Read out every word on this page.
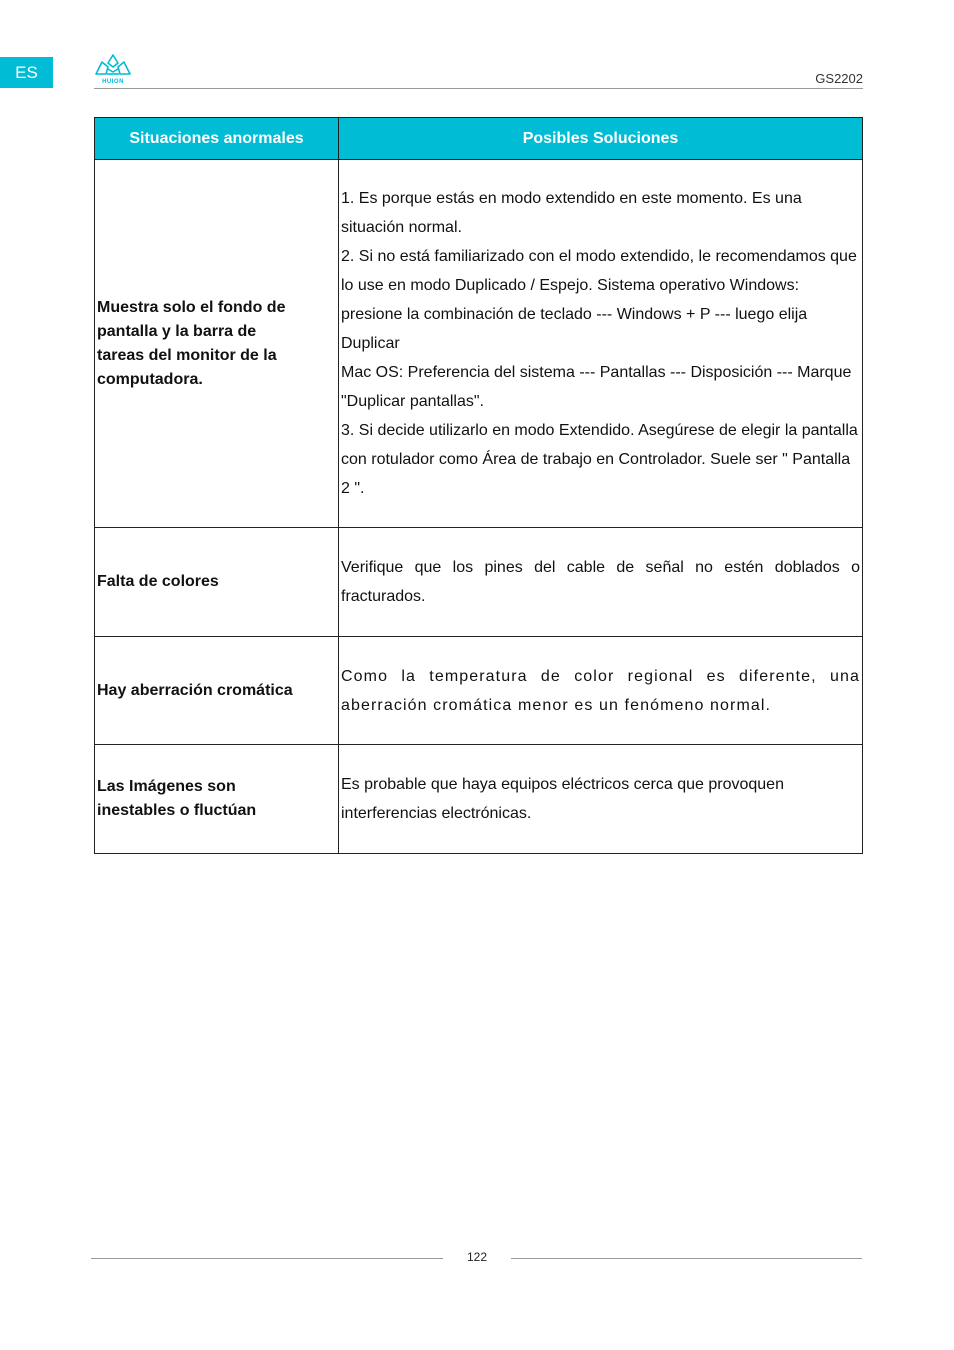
ES
HUION	GS2202
Situaciones anormales	Posibles Soluciones

Muestra solo el fondo de pantalla y la barra de tareas del monitor de la computadora.	1. Es porque estás en modo extendido en este momento. Es una situación normal.
2. Si no está familiarizado con el modo extendido, le recomendamos que lo use en modo Duplicado / Espejo. Sistema operativo Windows: presione la combinación de teclado --- Windows + P --- luego elija Duplicar
Mac OS: Preferencia del sistema --- Pantallas --- Disposición --- Marque "Duplicar pantallas".
3. Si decide utilizarlo en modo Extendido. Asegúrese de elegir la pantalla con rotulador como Área de trabajo en Controlador. Suele ser " Pantalla 2 ".

Falta de colores	Verifique que los pines del cable de señal no estén doblados o fracturados.

Hay aberración cromática	Como la temperatura de color regional es diferente, una aberración cromática menor es un fenómeno normal.

Las Imágenes son inestables o fluctúan	Es probable que haya equipos eléctricos cerca que provoquen interferencias electrónicas.
122
